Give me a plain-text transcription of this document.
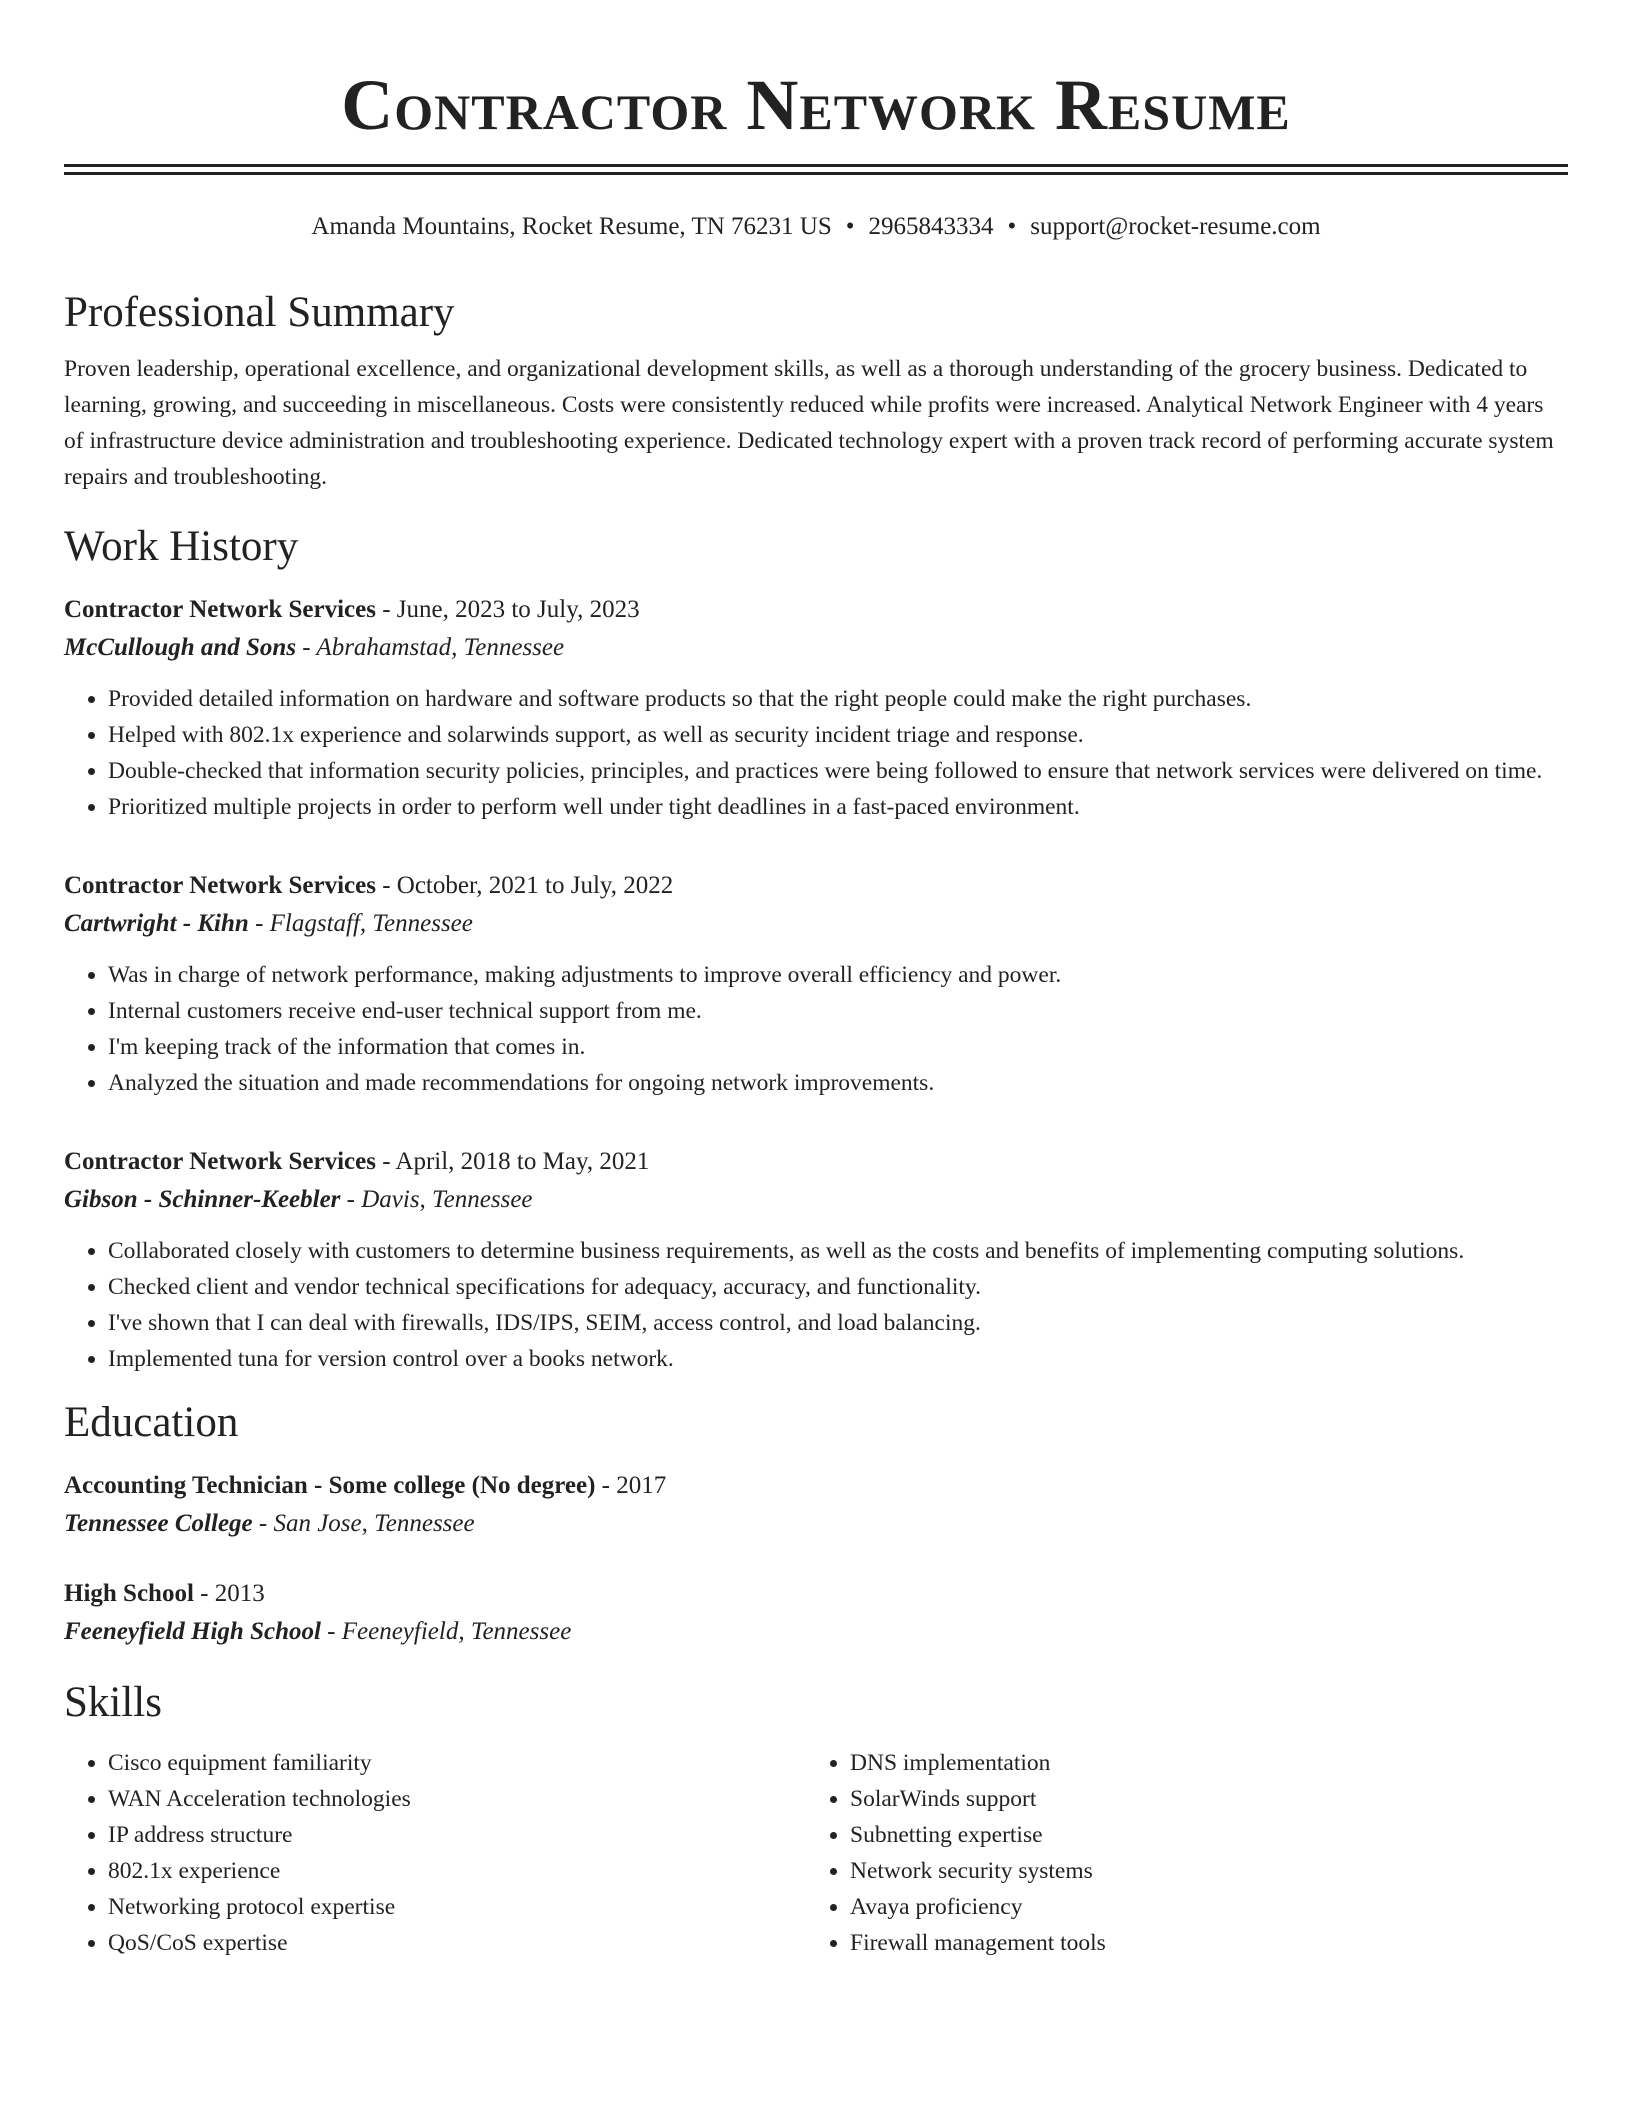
Contractor Network Resume
Amanda Mountains, Rocket Resume, TN 76231 US • 2965843334 • support@rocket-resume.com
Professional Summary
Proven leadership, operational excellence, and organizational development skills, as well as a thorough understanding of the grocery business. Dedicated to learning, growing, and succeeding in miscellaneous. Costs were consistently reduced while profits were increased. Analytical Network Engineer with 4 years of infrastructure device administration and troubleshooting experience. Dedicated technology expert with a proven track record of performing accurate system repairs and troubleshooting.
Work History
Contractor Network Services - June, 2023 to July, 2023
McCullough and Sons - Abrahamstad, Tennessee
• Provided detailed information on hardware and software products so that the right people could make the right purchases.
• Helped with 802.1x experience and solarwinds support, as well as security incident triage and response.
• Double-checked that information security policies, principles, and practices were being followed to ensure that network services were delivered on time.
• Prioritized multiple projects in order to perform well under tight deadlines in a fast-paced environment.
Contractor Network Services - October, 2021 to July, 2022
Cartwright - Kihn - Flagstaff, Tennessee
• Was in charge of network performance, making adjustments to improve overall efficiency and power.
• Internal customers receive end-user technical support from me.
• I'm keeping track of the information that comes in.
• Analyzed the situation and made recommendations for ongoing network improvements.
Contractor Network Services - April, 2018 to May, 2021
Gibson - Schinner-Keebler - Davis, Tennessee
• Collaborated closely with customers to determine business requirements, as well as the costs and benefits of implementing computing solutions.
• Checked client and vendor technical specifications for adequacy, accuracy, and functionality.
• I've shown that I can deal with firewalls, IDS/IPS, SEIM, access control, and load balancing.
• Implemented tuna for version control over a books network.
Education
Accounting Technician - Some college (No degree) - 2017
Tennessee College - San Jose, Tennessee
High School - 2013
Feeneyfield High School - Feeneyfield, Tennessee
Skills
• Cisco equipment familiarity
• WAN Acceleration technologies
• IP address structure
• 802.1x experience
• Networking protocol expertise
• QoS/CoS expertise
• DNS implementation
• SolarWinds support
• Subnetting expertise
• Network security systems
• Avaya proficiency
• Firewall management tools
